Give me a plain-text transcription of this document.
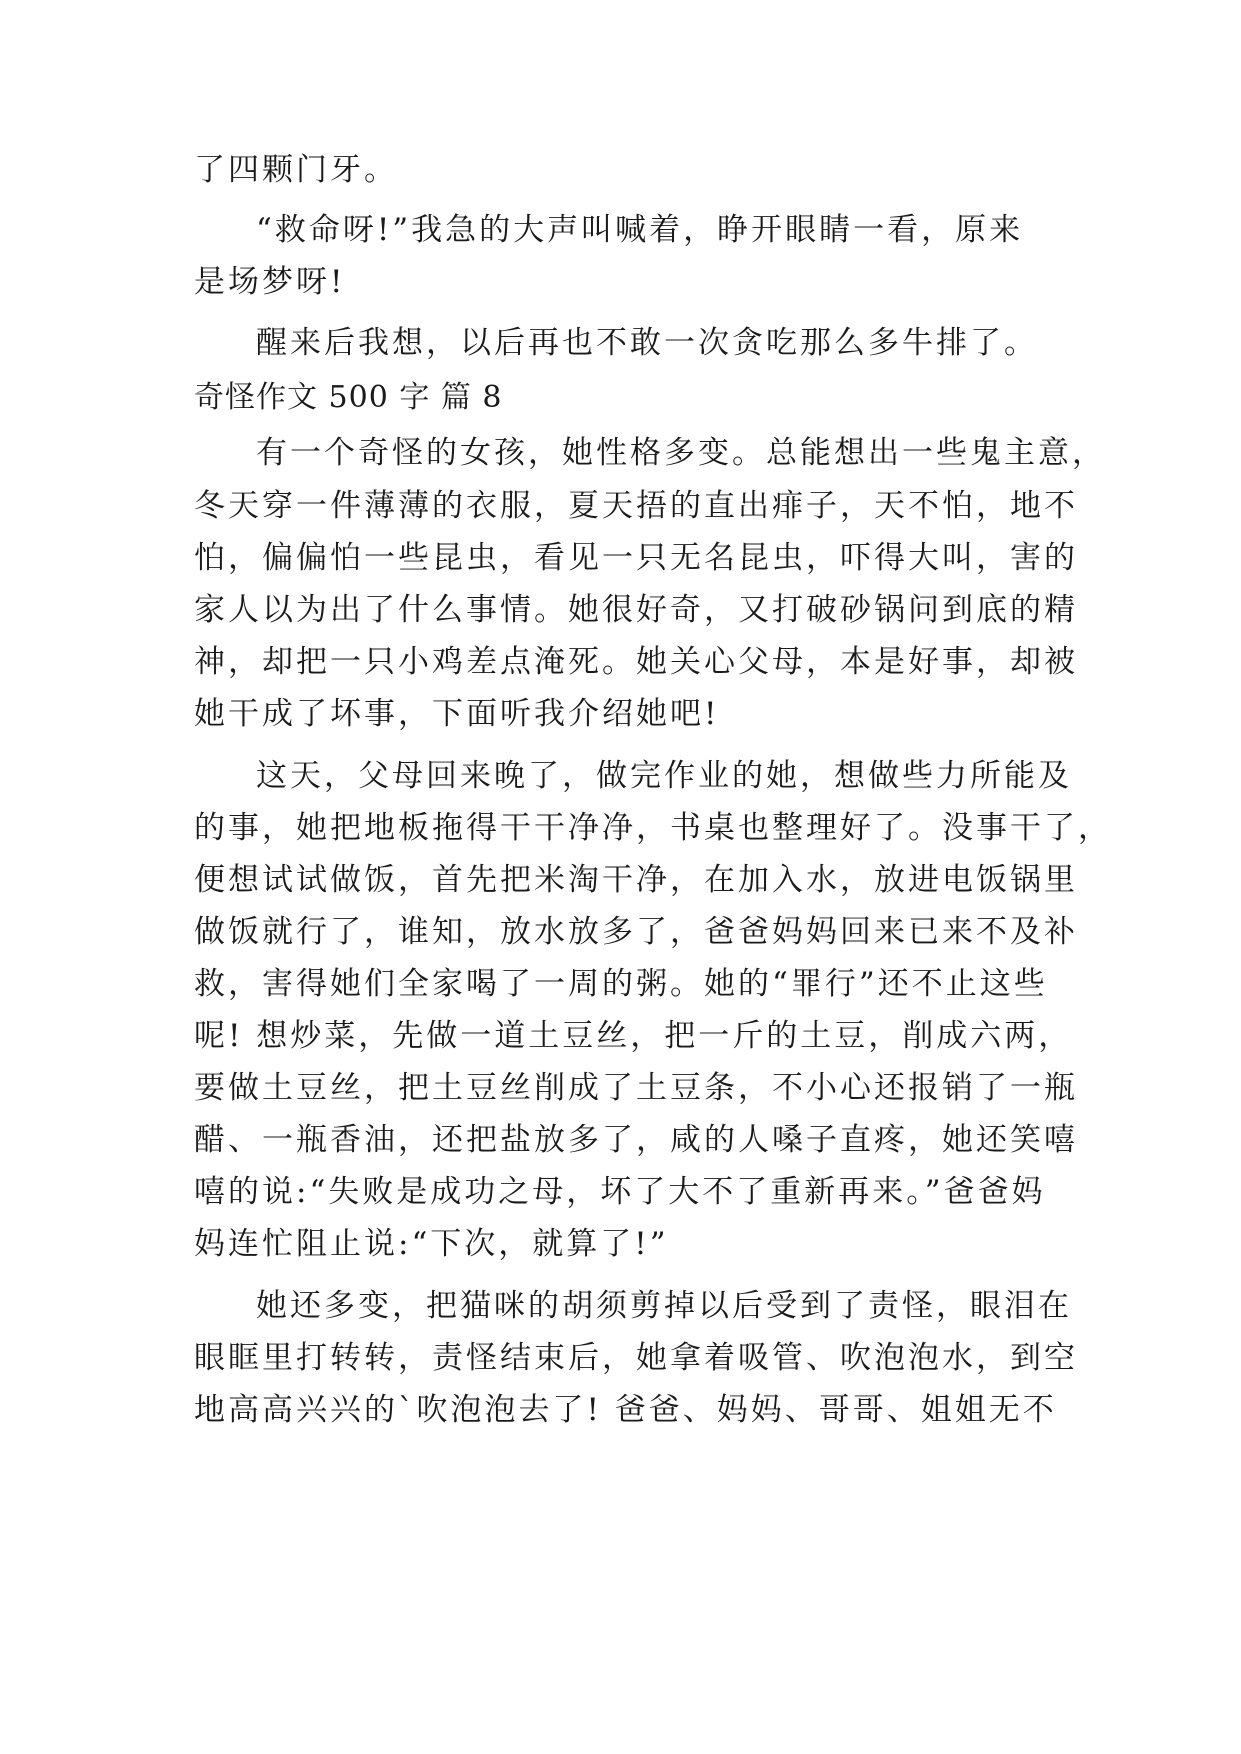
了四颗门牙。
“救命呀!”我急的大声叫喊着，睁开眼睛一看，原来
是场梦呀!
醒来后我想，以后再也不敢一次贪吃那么多牛排了。
奇怪作文 500 字 篇 8
有一个奇怪的女孩，她性格多变。总能想出一些鬼主意，
冬天穿一件薄薄的衣服，夏天捂的直出痱子，天不怕，地不
怕，偏偏怕一些昆虫，看见一只无名昆虫，吓得大叫，害的
家人以为出了什么事情。她很好奇，又打破砂锅问到底的精
神，却把一只小鸡差点淹死。她关心父母，本是好事，却被
她干成了坏事，下面听我介绍她吧!
这天，父母回来晚了，做完作业的她，想做些力所能及
的事，她把地板拖得干干净净，书桌也整理好了。没事干了，
便想试试做饭，首先把米淘干净，在加入水，放进电饭锅里
做饭就行了，谁知，放水放多了，爸爸妈妈回来已来不及补
救，害得她们全家喝了一周的粥。她的“罪行”还不止这些
呢! 想炒菜，先做一道土豆丝，把一斤的土豆，削成六两，
要做土豆丝，把土豆丝削成了土豆条，不小心还报销了一瓶
醋、一瓶香油，还把盐放多了，咸的人嗓子直疼，她还笑嘻
嘻的说:“失败是成功之母，坏了大不了重新再来。”爸爸妈
妈连忙阻止说:“下次，就算了!”
她还多变，把猫咪的胡须剪掉以后受到了责怪，眼泪在
眼眶里打转转，责怪结束后，她拿着吸管、吹泡泡水，到空
地高高兴兴的`吹泡泡去了! 爸爸、妈妈、哥哥、姐姐无不
